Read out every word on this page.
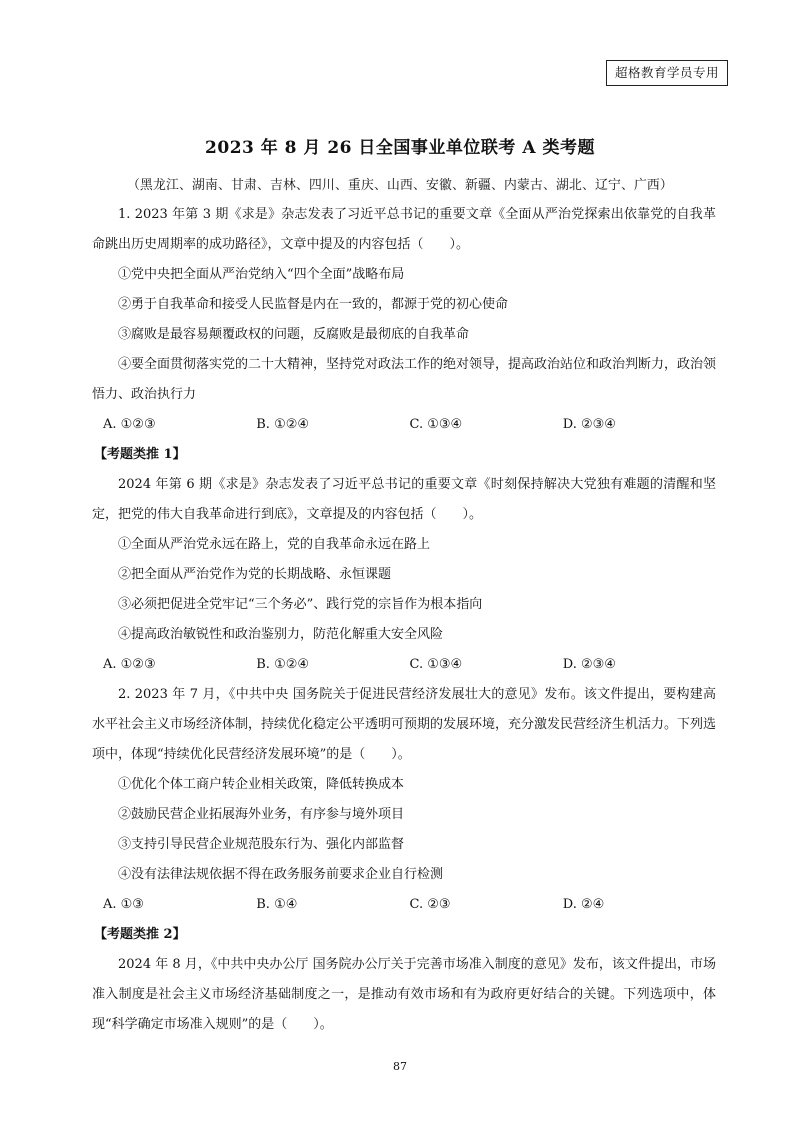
超格教育学员专用
2023 年 8 月 26 日全国事业单位联考 A 类考题
（黑龙江、湖南、甘肃、吉林、四川、重庆、山西、安徽、新疆、内蒙古、湖北、辽宁、广西）

1. 2023 年第 3 期《求是》杂志发表了习近平总书记的重要文章《全面从严治党探索出依靠党的自我革命跳出历史周期率的成功路径》，文章中提及的内容包括（　　）。

①党中央把全面从严治党纳入“四个全面”战略布局

②勇于自我革命和接受人民监督是内在一致的，都源于党的初心使命

③腐败是最容易颠覆政权的问题，反腐败是最彻底的自我革命

④要全面贯彻落实党的二十大精神，坚持党对政法工作的绝对领导，提高政治站位和政治判断力，政治领悟力、政治执行力

A. ①②③	B. ①②④	C. ①③④	D. ②③④

【考题类推 1】

2024 年第 6 期《求是》杂志发表了习近平总书记的重要文章《时刻保持解决大党独有难题的清醒和坚定，把党的伟大自我革命进行到底》，文章提及的内容包括（　　）。

①全面从严治党永远在路上，党的自我革命永远在路上

②把全面从严治党作为党的长期战略、永恒课题

③必须把促进全党牢记“三个务必”、践行党的宗旨作为根本指向

④提高政治敏锐性和政治鉴别力，防范化解重大安全风险

A. ①②③	B. ①②④	C. ①③④	D. ②③④

2. 2023 年 7 月，《中共中央 国务院关于促进民营经济发展壮大的意见》发布。该文件提出，要构建高水平社会主义市场经济体制，持续优化稳定公平透明可预期的发展环境，充分激发民营经济生机活力。下列选项中，体现“持续优化民营经济发展环境”的是（　　）。

①优化个体工商户转企业相关政策，降低转换成本

②鼓励民营企业拓展海外业务，有序参与境外项目

③支持引导民营企业规范股东行为、强化内部监督

④没有法律法规依据不得在政务服务前要求企业自行检测

A. ①③	B. ①④	C. ②③	D. ②④

【考题类推 2】

2024 年 8 月，《中共中央办公厅 国务院办公厅关于完善市场准入制度的意见》发布，该文件提出，市场准入制度是社会主义市场经济基础制度之一，是推动有效市场和有为政府更好结合的关键。下列选项中，体现“科学确定市场准入规则”的是（　　）。

87
